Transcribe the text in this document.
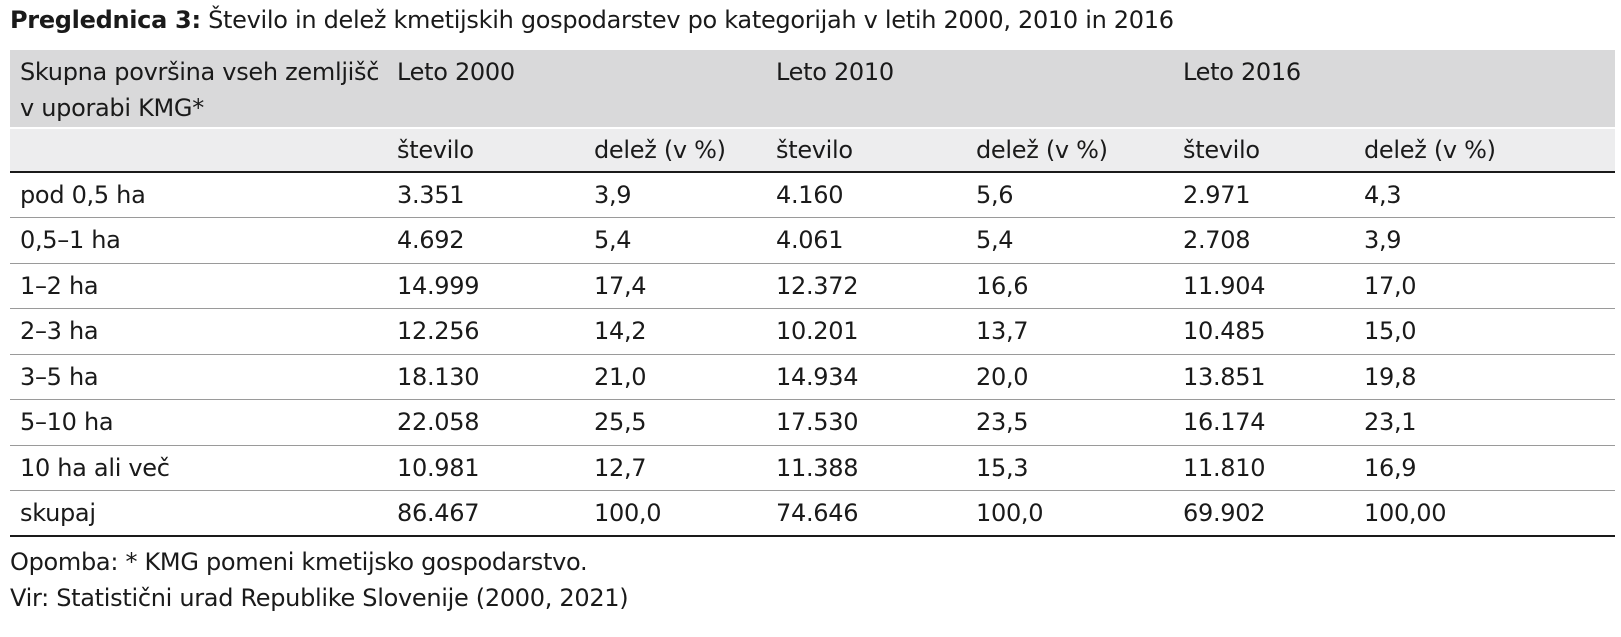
Preglednica 3: Število in delež kmetijskih gospodarstev po kategorijah v letih 2000, 2010 in 2016
Skupna površina vseh zemljišč v uporabi KMG*	Leto 2000		Leto 2010		Leto 2016	
	število	delež (v %)	število	delež (v %)	število	delež (v %)
pod 0,5 ha	3.351	3,9	4.160	5,6	2.971	4,3
0,5–1 ha	4.692	5,4	4.061	5,4	2.708	3,9
1–2 ha	14.999	17,4	12.372	16,6	11.904	17,0
2–3 ha	12.256	14,2	10.201	13,7	10.485	15,0
3–5 ha	18.130	21,0	14.934	20,0	13.851	19,8
5–10 ha	22.058	25,5	17.530	23,5	16.174	23,1
10 ha ali več	10.981	12,7	11.388	15,3	11.810	16,9
skupaj	86.467	100,0	74.646	100,0	69.902	100,00
Opomba: * KMG pomeni kmetijsko gospodarstvo.
Vir: Statistični urad Republike Slovenije (2000, 2021)
